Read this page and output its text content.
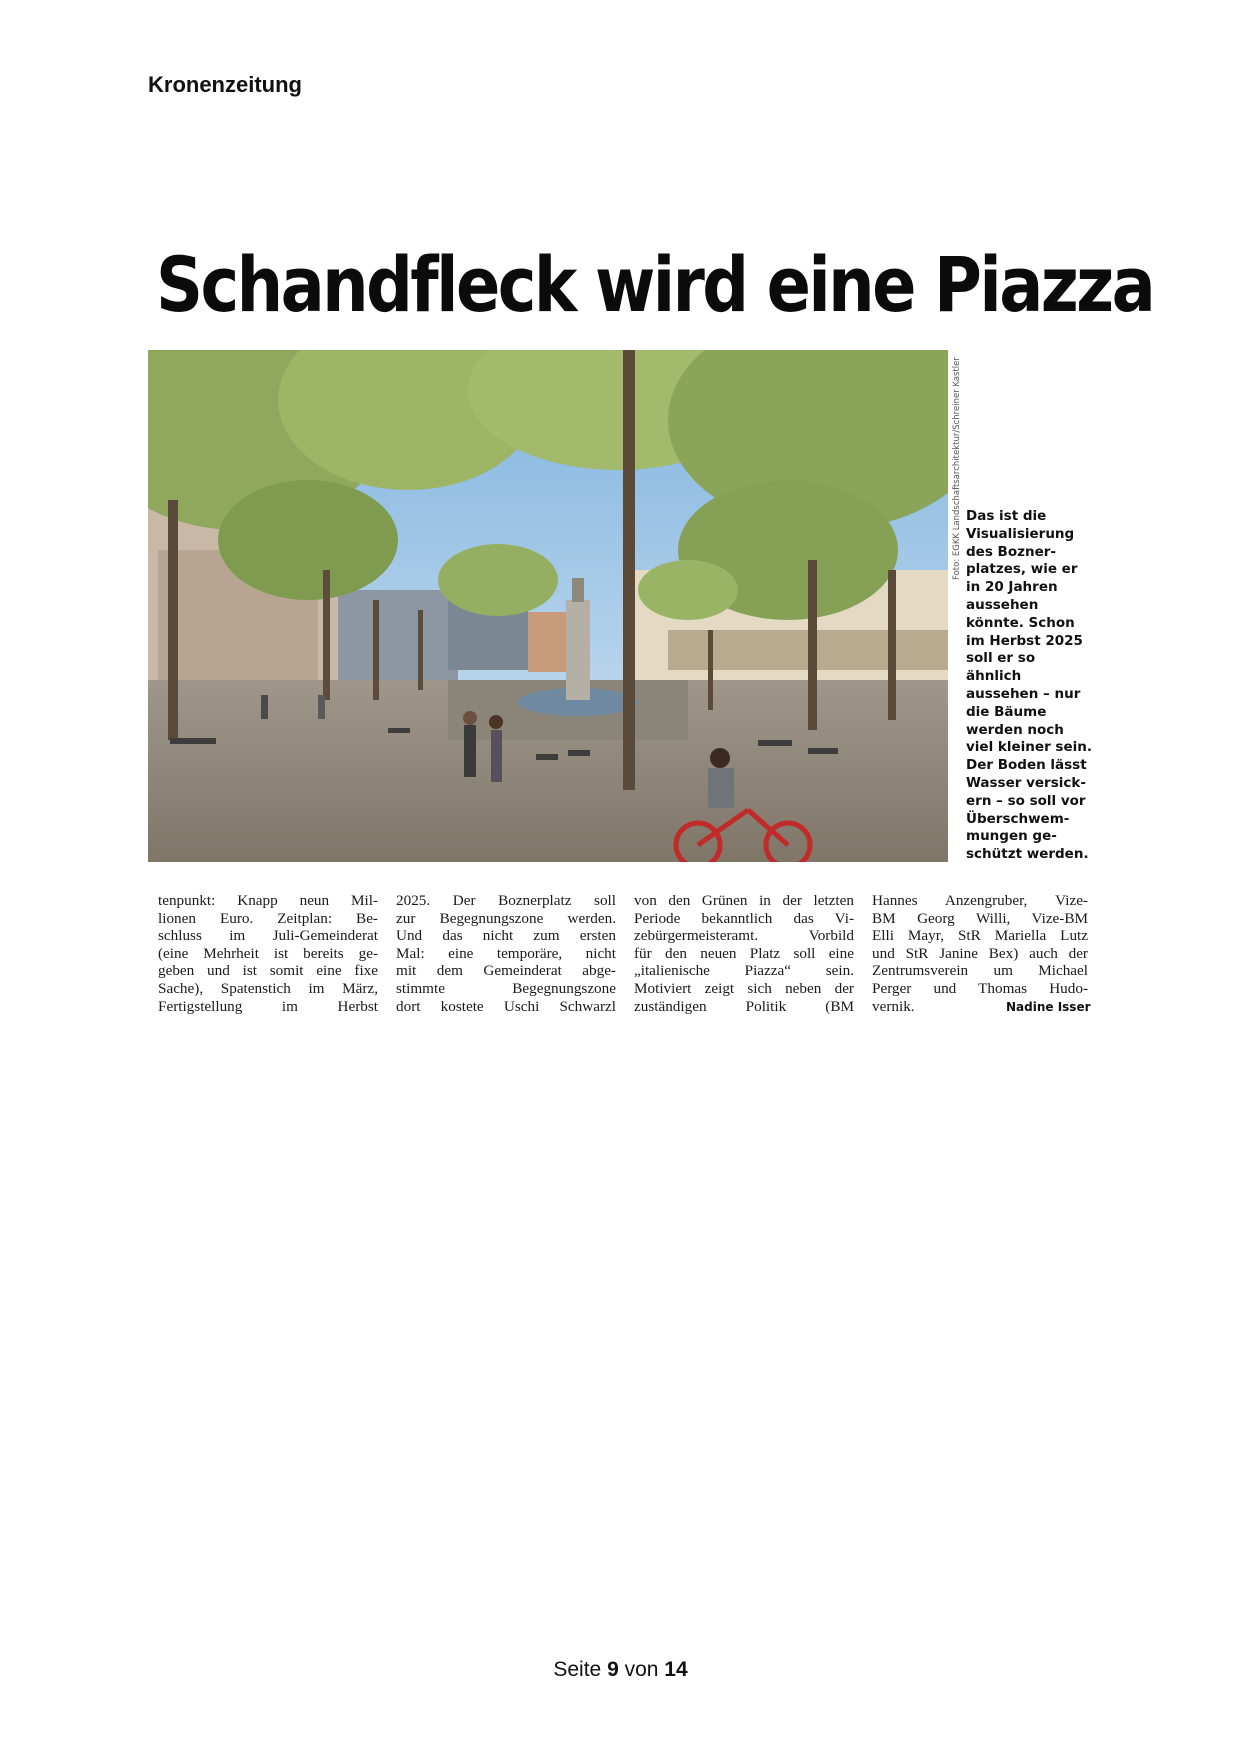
Kronenzeitung
Schandfleck wird eine Piazza
Foto: EGKK Landschaftsarchitektur/Schreiner Kastler Das ist die
Visualisierung
des Bozner-
platzes, wie er
in 20 Jahren
aussehen
könnte. Schon
im Herbst 2025
soll er so
ähnlich
aussehen – nur
die Bäume
werden noch
viel kleiner sein.
Der Boden lässt
Wasser versick-
ern – so soll vor
Überschwem-
mungen ge-
schützt werden.
tenpunkt: Knapp neun Mil-
lionen Euro. Zeitplan: Be-
schluss im Juli-Gemeinderat
(eine Mehrheit ist bereits ge-
geben und ist somit eine fixe
Sache), Spatenstich im März,
Fertigstellung im Herbst
2025. Der Boznerplatz soll
zur Begegnungszone werden.
Und das nicht zum ersten
Mal: eine temporäre, nicht
mit dem Gemeinderat abge-
stimmte Begegnungszone
dort kostete Uschi Schwarzl
von den Grünen in der letzten
Periode bekanntlich das Vi-
zebürgermeisteramt. Vorbild
für den neuen Platz soll eine
„italienische Piazza“ sein.
Motiviert zeigt sich neben der
zuständigen Politik (BM
Hannes Anzengruber, Vize-
BM Georg Willi, Vize-BM
Elli Mayr, StR Mariella Lutz
und StR Janine Bex) auch der
Zentrumsverein um Michael
Perger und Thomas Hudo-
vernik.	Nadine Isser
Seite 9 von 14
